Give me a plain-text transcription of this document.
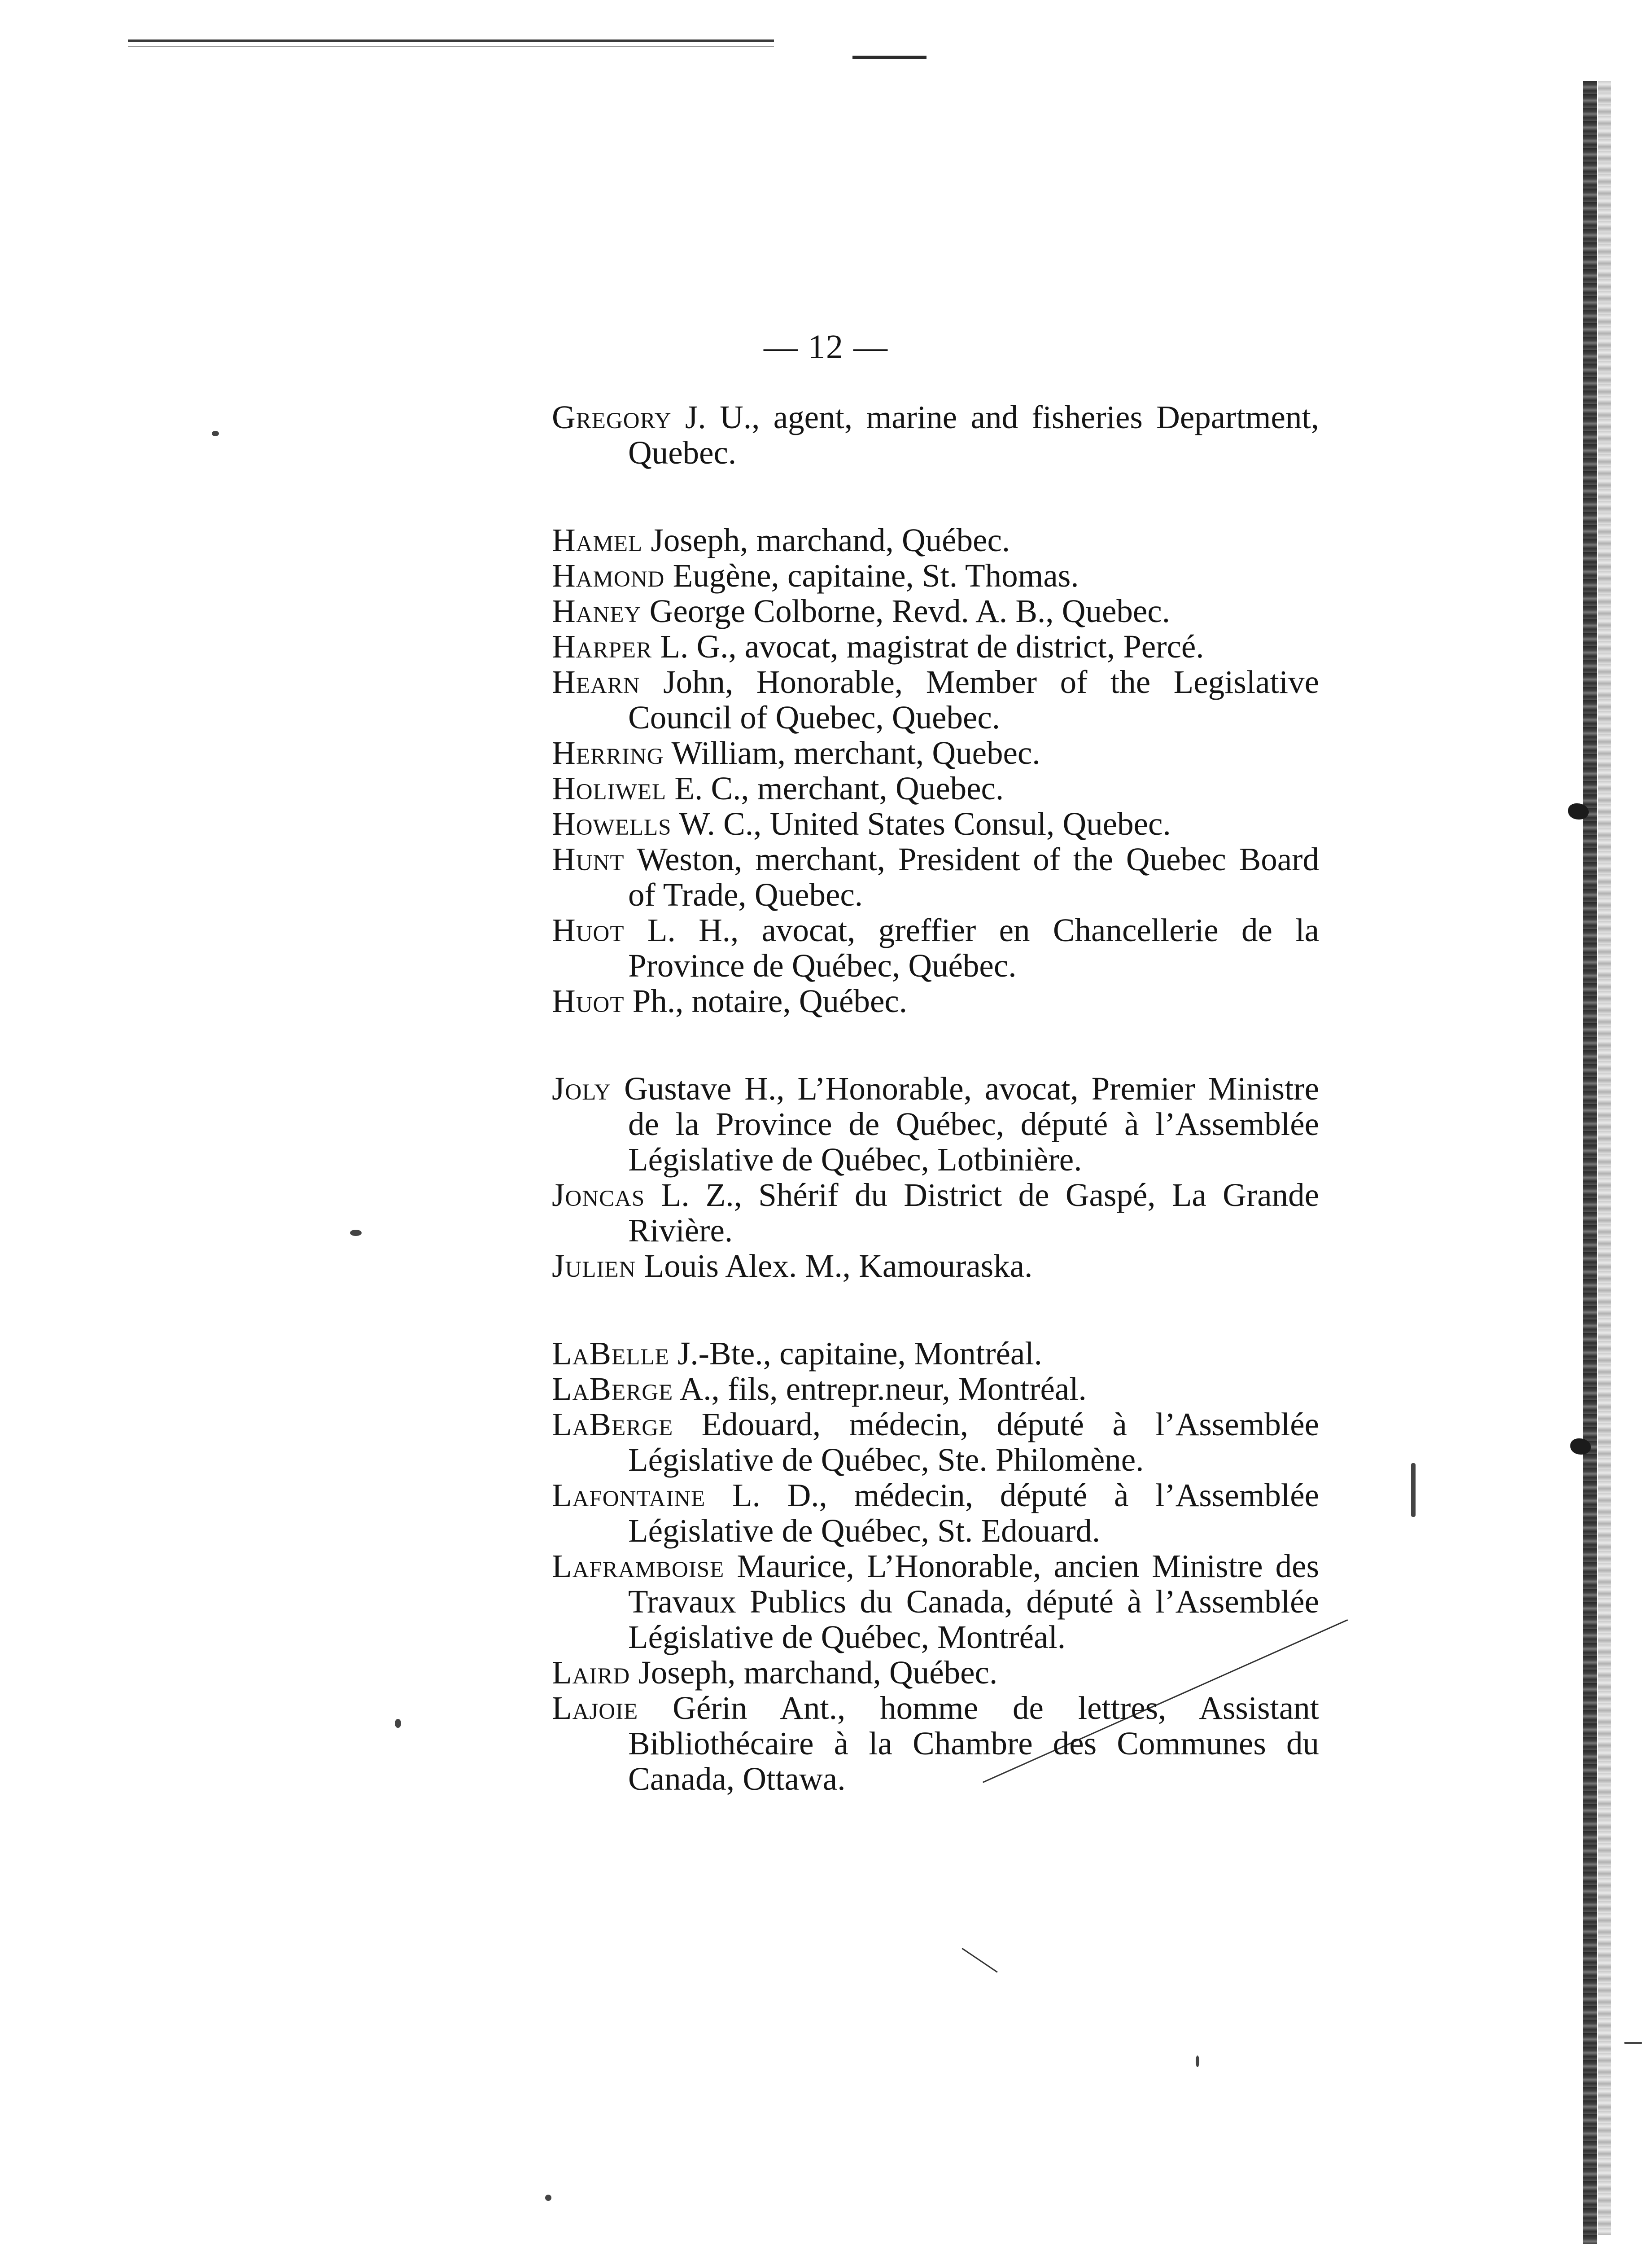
— 12 —

Gregory J. U., agent, marine and fisheries Department, Quebec.

Hamel Joseph, marchand, Québec.

Hamond Eugène, capitaine, St. Thomas.

Haney George Colborne, Revd. A. B., Quebec.

Harper L. G., avocat, magistrat de district, Percé.

Hearn John, Honorable, Member of the Legislative Council of Quebec, Quebec.

Herring William, merchant, Quebec.

Holiwel E. C., merchant, Quebec.

Howells W. C., United States Consul, Quebec.

Hunt Weston, merchant, President of the Quebec Board of Trade, Quebec.

Huot L. H., avocat, greffier en Chancellerie de la Province de Québec, Québec.

Huot Ph., notaire, Québec.

Joly Gustave H., L’Honorable, avocat, Premier Ministre de la Province de Québec, député à l’Assemblée Législative de Québec, Lotbinière.

Joncas L. Z., Shérif du District de Gaspé, La Grande Rivière.

Julien Louis Alex. M., Kamouraska.

LaBelle J.-Bte., capitaine, Montréal.

LaBerge A., fils, entrepr.neur, Montréal.

LaBerge Edouard, médecin, député à l’Assemblée Législative de Québec, Ste. Philomène.

Lafontaine L. D., médecin, député à l’Assemblée Législative de Québec, St. Edouard.

Laframboise Maurice, L’Honorable, ancien Ministre des Travaux Publics du Canada, député à l’Assemblée Législative de Québec, Montréal.

Laird Joseph, marchand, Québec.

Lajoie Gérin Ant., homme de lettres, Assistant Bibliothécaire à la Chambre des Communes du Canada, Ottawa.
